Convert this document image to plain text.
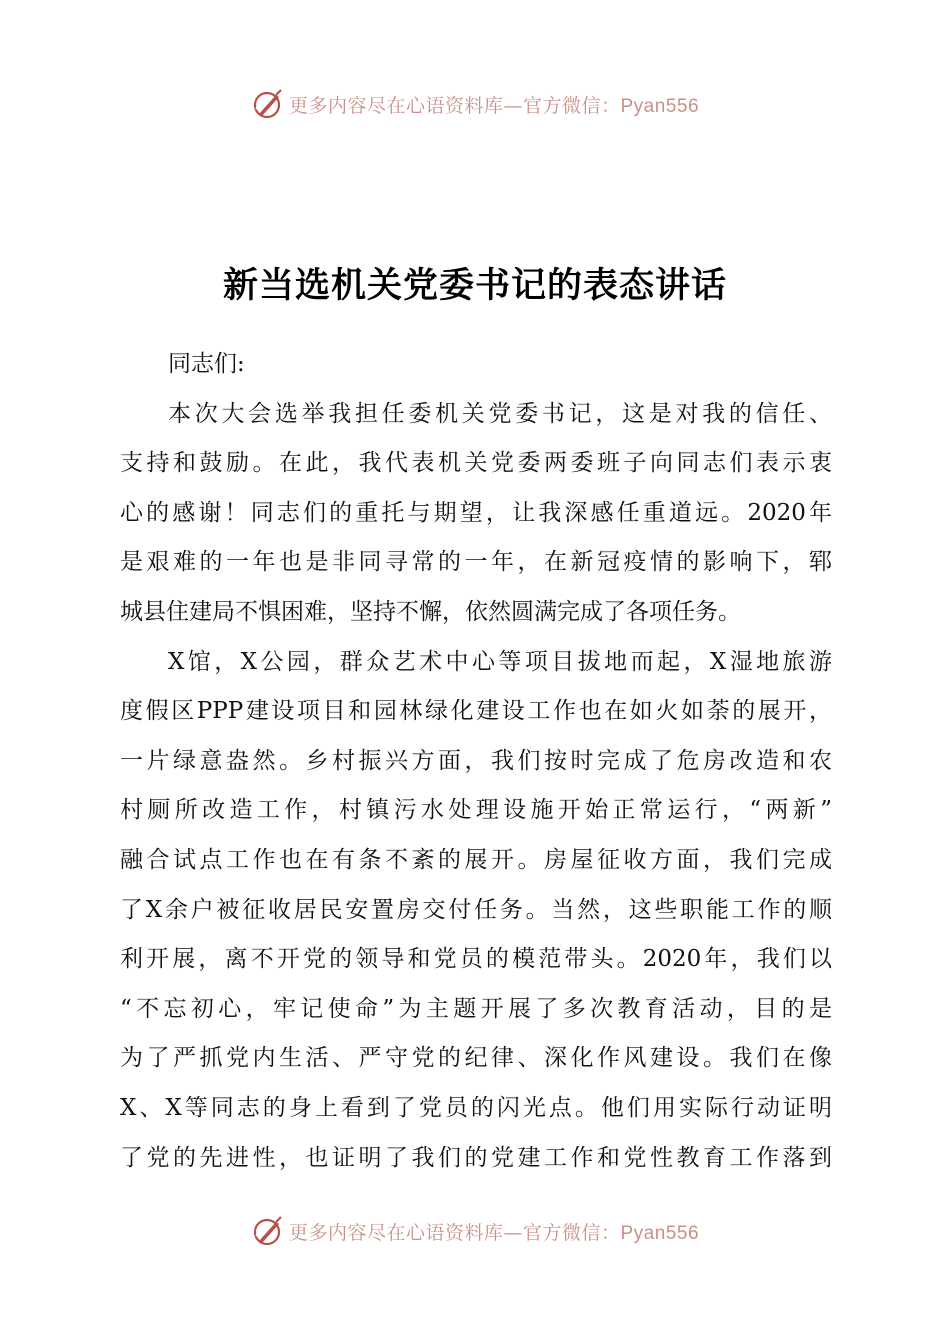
更多内容尽在心语资料库—官方微信：Pyan556
新当选机关党委书记的表态讲话
同志们:
本次大会选举我担任委机关党委书记，这是对我的信任、
支持和鼓励。在此，我代表机关党委两委班子向同志们表示衷
心的感谢！同志们的重托与期望，让我深感任重道远。2020年
是艰难的一年也是非同寻常的一年，在新冠疫情的影响下，郓
城县住建局不惧困难，坚持不懈，依然圆满完成了各项任务。
X馆，X公园，群众艺术中心等项目拔地而起，X湿地旅游
度假区PPP建设项目和园林绿化建设工作也在如火如荼的展开，
一片绿意盎然。乡村振兴方面，我们按时完成了危房改造和农
村厕所改造工作，村镇污水处理设施开始正常运行，“两新”
融合试点工作也在有条不紊的展开。房屋征收方面，我们完成
了X余户被征收居民安置房交付任务。当然，这些职能工作的顺
利开展，离不开党的领导和党员的模范带头。2020年，我们以
“不忘初心，牢记使命”为主题开展了多次教育活动，目的是
为了严抓党内生活、严守党的纪律、深化作风建设。我们在像
X、X等同志的身上看到了党员的闪光点。他们用实际行动证明
了党的先进性，也证明了我们的党建工作和党性教育工作落到
更多内容尽在心语资料库—官方微信：Pyan556
